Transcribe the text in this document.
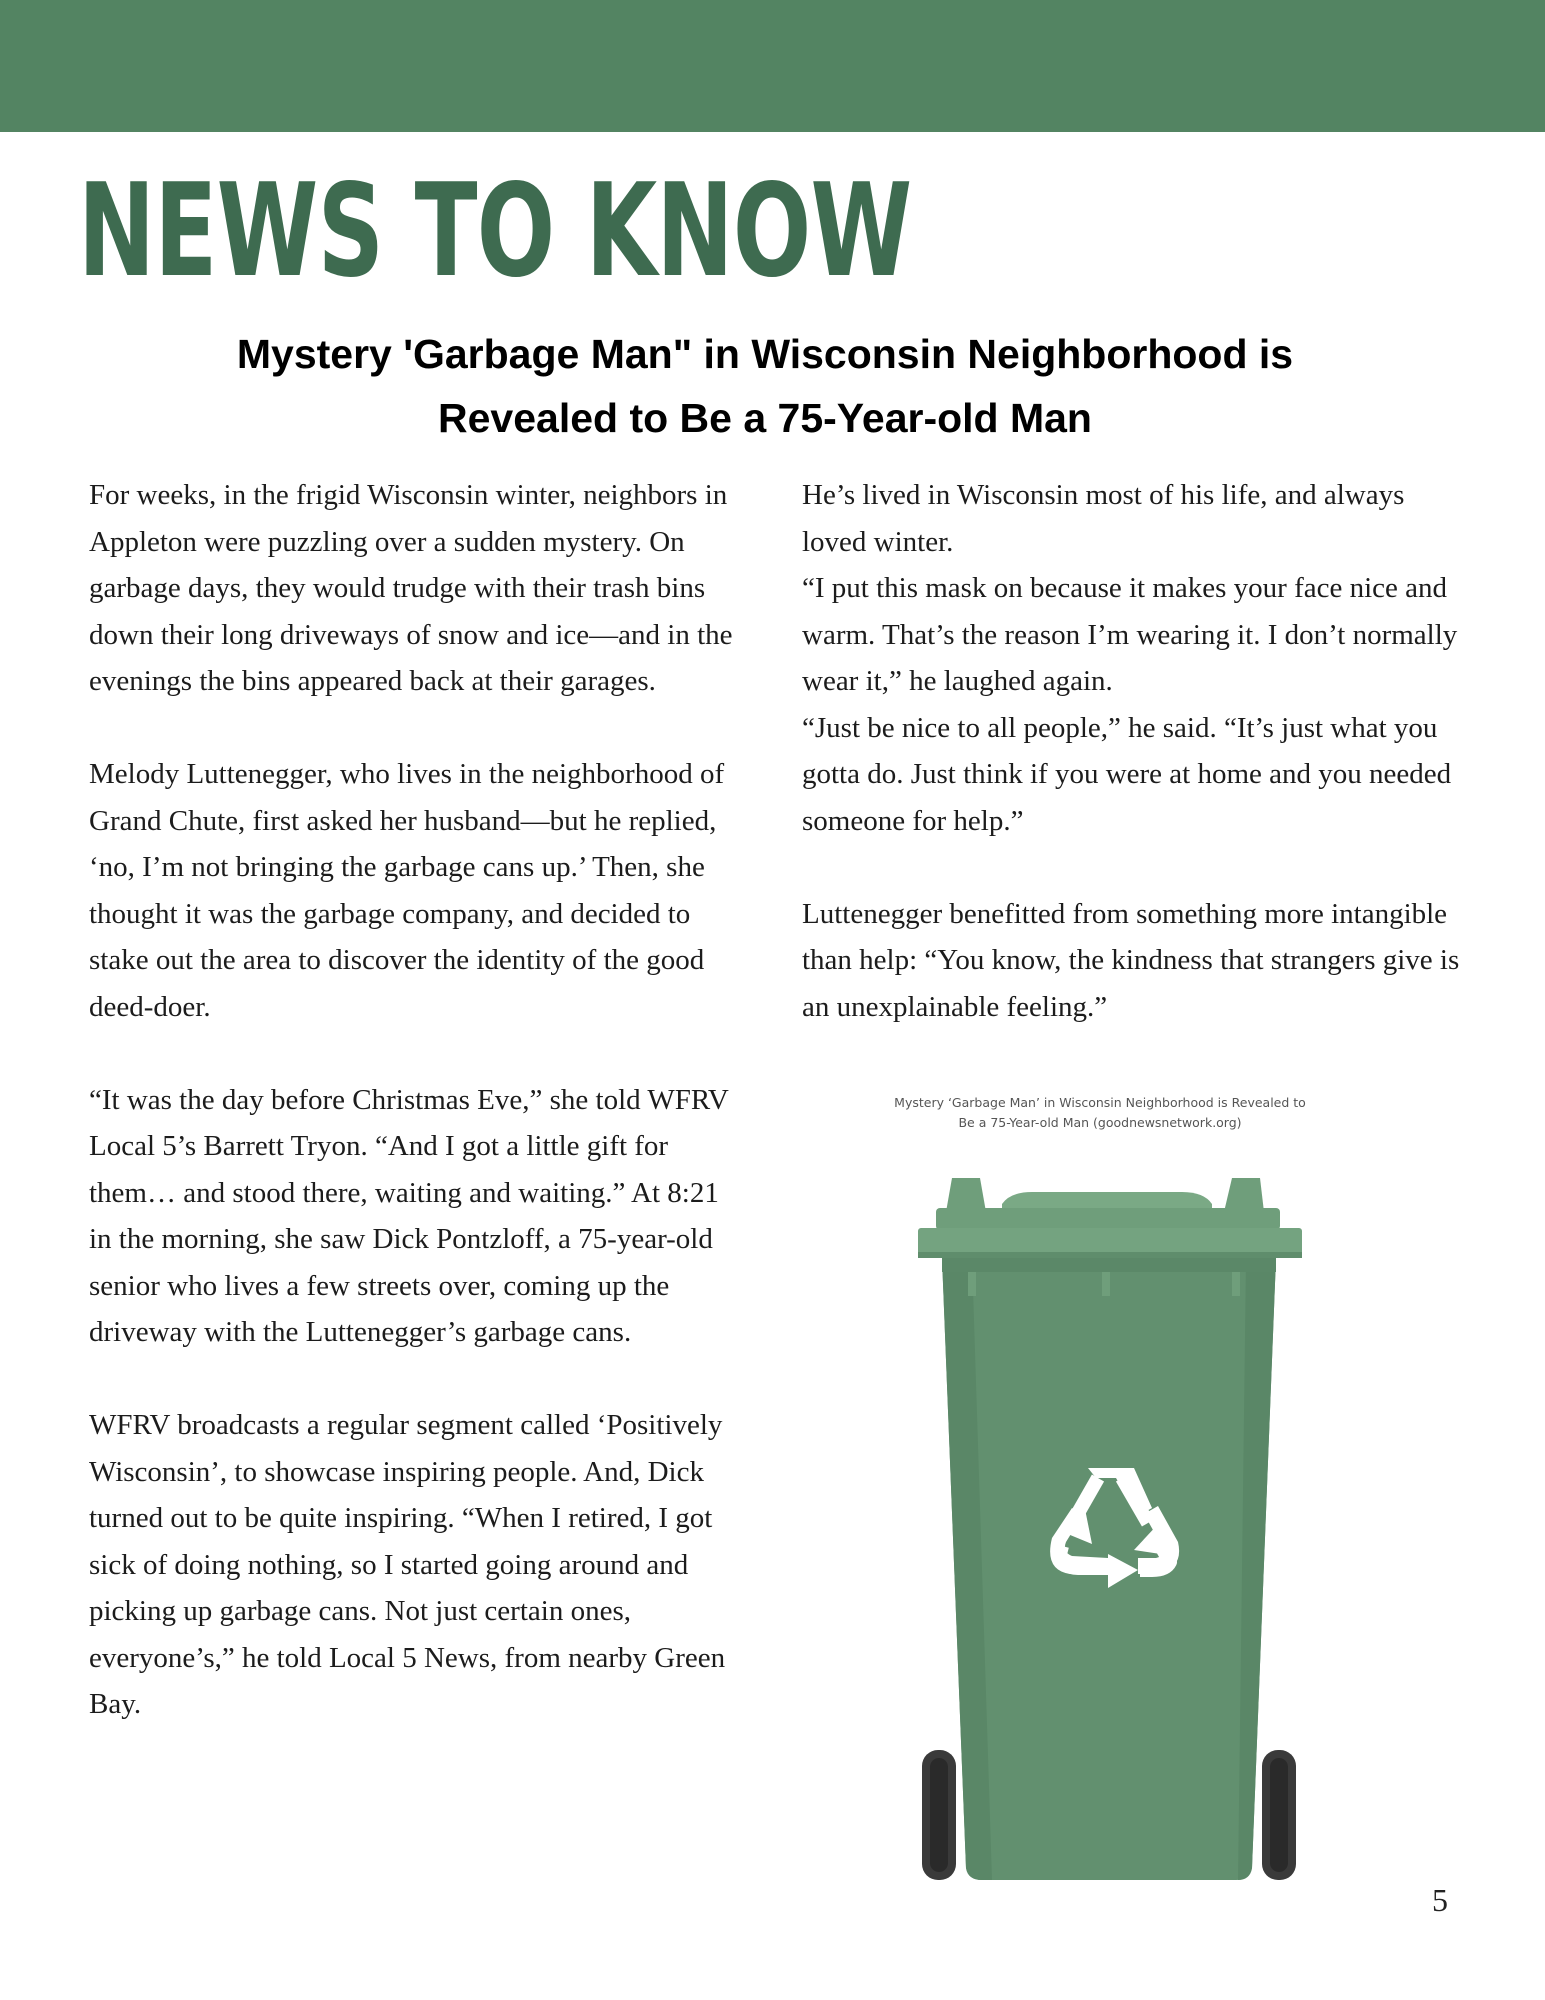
NEWS TO KNOW
Mystery 'Garbage Man" in Wisconsin Neighborhood is
Revealed to Be a 75-Year-old Man

For weeks, in the frigid Wisconsin winter, neighbors in Appleton were puzzling over a sudden mystery. On garbage days, they would trudge with their trash bins down their long driveways of snow and ice—and in the evenings the bins appeared back at their garages.

Melody Luttenegger, who lives in the neighborhood of Grand Chute, first asked her husband—but he replied, ‘no, I’m not bringing the garbage cans up.’ Then, she thought it was the garbage company, and decided to stake out the area to discover the identity of the good deed-doer.

“It was the day before Christmas Eve,” she told WFRV Local 5’s Barrett Tryon. “And I got a little gift for them… and stood there, waiting and waiting.” At 8:21 in the morning, she saw Dick Pontzloff, a 75-year-old senior who lives a few streets over, coming up the driveway with the Luttenegger’s garbage cans.

WFRV broadcasts a regular segment called ‘Positively Wisconsin’, to showcase inspiring people. And, Dick turned out to be quite inspiring. “When I retired, I got sick of doing nothing, so I started going around and picking up garbage cans. Not just certain ones, everyone’s,” he told Local 5 News, from nearby Green Bay.

He’s lived in Wisconsin most of his life, and always loved winter.

“I put this mask on because it makes your face nice and warm. That’s the reason I’m wearing it. I don’t normally wear it,” he laughed again.

“Just be nice to all people,” he said. “It’s just what you gotta do. Just think if you were at home and you needed someone for help.”

Luttenegger benefitted from something more intangible than help: “You know, the kindness that strangers give is an unexplainable feeling.”

Mystery ‘Garbage Man’ in Wisconsin Neighborhood is Revealed to
Be a 75-Year-old Man (goodnewsnetwork.org)

5
